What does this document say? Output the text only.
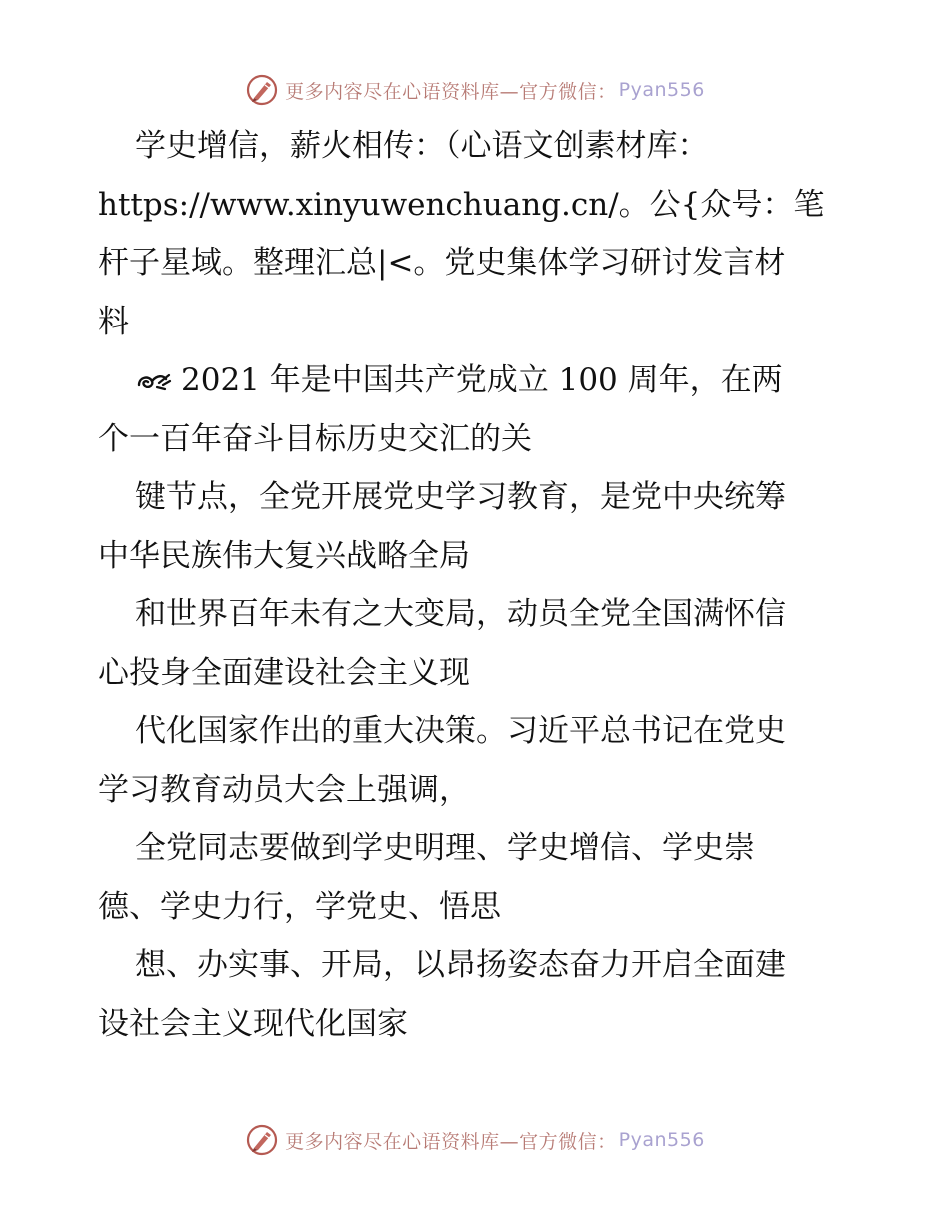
更多内容尽在心语资料库—官方微信： Pyan556

学史增信，薪火相传：（心语文创素材库：

https://www.xinyuwenchuang.cn/。公{众号：笔
杆子星域。整理汇总|<。党史集体学习研讨发言材
料

2021 年是中国共产党成立 100 周年，在两

个一百年奋斗目标历史交汇的关

键节点，全党开展党史学习教育，是党中央统筹

中华民族伟大复兴战略全局

和世界百年未有之大变局，动员全党全国满怀信

心投身全面建设社会主义现

代化国家作出的重大决策。习近平总书记在党史

学习教育动员大会上强调，

全党同志要做到学史明理、学史增信、学史崇

德、学史力行，学党史、悟思

想、办实事、开局，以昂扬姿态奋力开启全面建

设社会主义现代化国家

更多内容尽在心语资料库—官方微信： Pyan556
